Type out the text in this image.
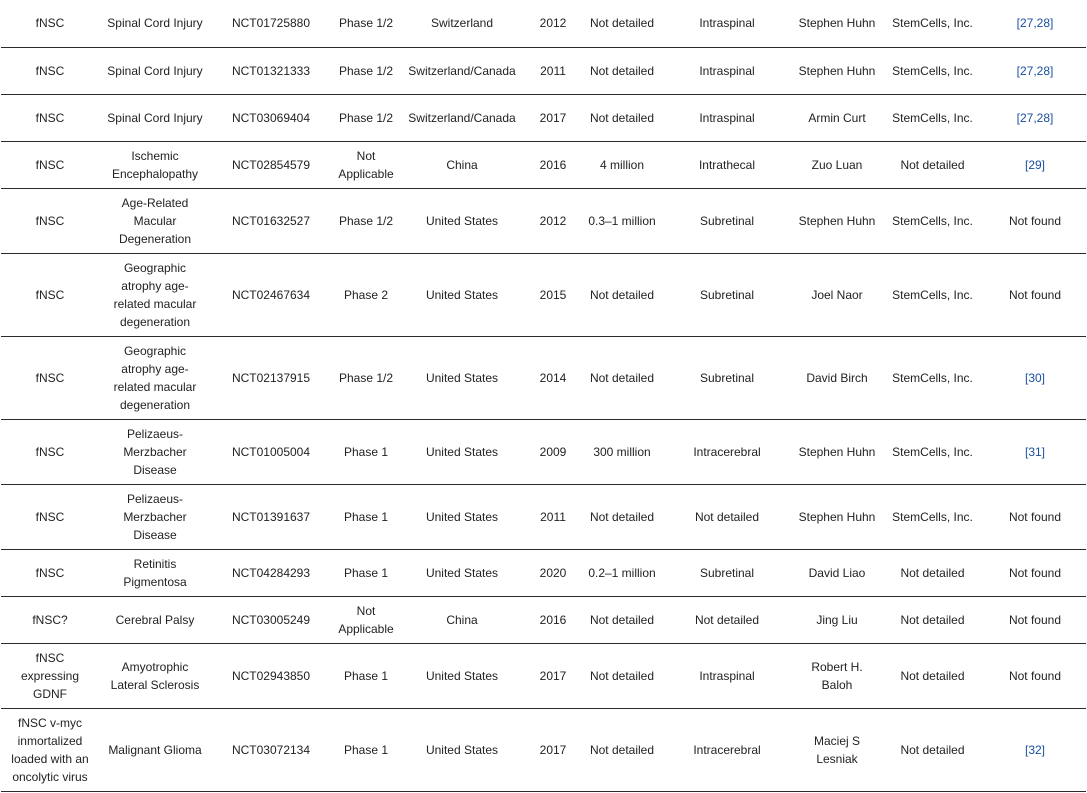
fNSC	Spinal Cord Injury	NCT01725880	Phase 1/2	Switzerland	2012	Not detailed	Intraspinal	Stephen Huhn	StemCells, Inc.	[27,28]
fNSC	Spinal Cord Injury	NCT01321333	Phase 1/2	Switzerland/Canada	2011	Not detailed	Intraspinal	Stephen Huhn	StemCells, Inc.	[27,28]
fNSC	Spinal Cord Injury	NCT03069404	Phase 1/2	Switzerland/Canada	2017	Not detailed	Intraspinal	Armin Curt	StemCells, Inc.	[27,28]
fNSC	Ischemic Encephalopathy	NCT02854579	Not Applicable	China	2016	4 million	Intrathecal	Zuo Luan	Not detailed	[29]
fNSC	Age-Related Macular Degeneration	NCT01632527	Phase 1/2	United States	2012	0.3–1 million	Subretinal	Stephen Huhn	StemCells, Inc.	Not found
fNSC	Geographic atrophy age-related macular degeneration	NCT02467634	Phase 2	United States	2015	Not detailed	Subretinal	Joel Naor	StemCells, Inc.	Not found
fNSC	Geographic atrophy age-related macular degeneration	NCT02137915	Phase 1/2	United States	2014	Not detailed	Subretinal	David Birch	StemCells, Inc.	[30]
fNSC	Pelizaeus-Merzbacher Disease	NCT01005004	Phase 1	United States	2009	300 million	Intracerebral	Stephen Huhn	StemCells, Inc.	[31]
fNSC	Pelizaeus-Merzbacher Disease	NCT01391637	Phase 1	United States	2011	Not detailed	Not detailed	Stephen Huhn	StemCells, Inc.	Not found
fNSC	Retinitis Pigmentosa	NCT04284293	Phase 1	United States	2020	0.2–1 million	Subretinal	David Liao	Not detailed	Not found
fNSC?	Cerebral Palsy	NCT03005249	Not Applicable	China	2016	Not detailed	Not detailed	Jing Liu	Not detailed	Not found
fNSC expressing GDNF	Amyotrophic Lateral Sclerosis	NCT02943850	Phase 1	United States	2017	Not detailed	Intraspinal	Robert H. Baloh	Not detailed	Not found
fNSC v-myc inmortalized loaded with an oncolytic virus	Malignant Glioma	NCT03072134	Phase 1	United States	2017	Not detailed	Intracerebral	Maciej S Lesniak	Not detailed	[32]
